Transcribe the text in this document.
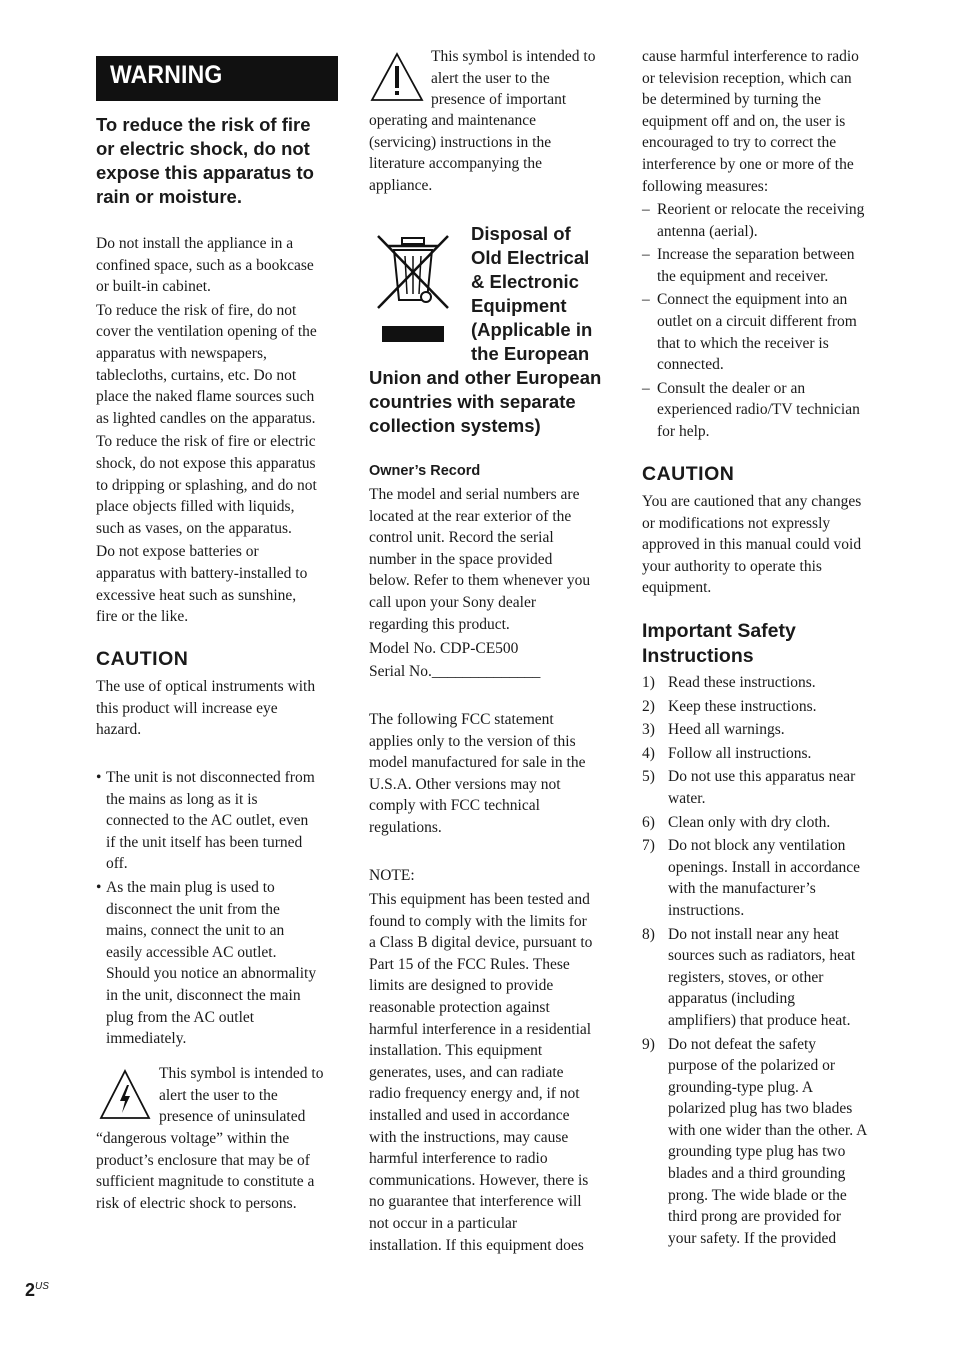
WARNING
To reduce the risk of fire
or electric shock, do not
expose this apparatus to
rain or moisture.

Do not install the appliance in a
confined space, such as a bookcase
or built-in cabinet.

To reduce the risk of fire, do not
cover the ventilation opening of the
apparatus with newspapers,
tablecloths, curtains, etc. Do not
place the naked flame sources such
as lighted candles on the apparatus.

To reduce the risk of fire or electric
shock, do not expose this apparatus
to dripping or splashing, and do not
place objects filled with liquids,
such as vases, on the apparatus.

Do not expose batteries or
apparatus with battery-installed to
excessive heat such as sunshine,
fire or the like.

CAUTION

The use of optical instruments with
this product will increase eye
hazard.

• The unit is not disconnected from
the mains as long as it is
connected to the AC outlet, even
if the unit itself has been turned
off.

• As the main plug is used to
disconnect the unit from the
mains, connect the unit to an
easily accessible AC outlet.
Should you notice an abnormality
in the unit, disconnect the main
plug from the AC outlet
immediately.

This symbol is intended to
alert the user to the
presence of uninsulated

“dangerous voltage” within the
product’s enclosure that may be of
sufficient magnitude to constitute a
risk of electric shock to persons.

This symbol is intended to
alert the user to the
presence of important

operating and maintenance
(servicing) instructions in the
literature accompanying the
appliance.

Disposal of
Old Electrical
& Electronic
Equipment
(Applicable in
the European
Union and other European
countries with separate
collection systems)
Owner’s Record

The model and serial numbers are
located at the rear exterior of the
control unit. Record the serial
number in the space provided
below. Refer to them whenever you
call upon your Sony dealer
regarding this product.

Model No. CDP-CE500

Serial No.______________

The following FCC statement
applies only to the version of this
model manufactured for sale in the
U.S.A. Other versions may not
comply with FCC technical
regulations.

NOTE:

This equipment has been tested and
found to comply with the limits for
a Class B digital device, pursuant to
Part 15 of the FCC Rules. These
limits are designed to provide
reasonable protection against
harmful interference in a residential
installation. This equipment
generates, uses, and can radiate
radio frequency energy and, if not
installed and used in accordance
with the instructions, may cause
harmful interference to radio
communications. However, there is
no guarantee that interference will
not occur in a particular
installation. If this equipment does

cause harmful interference to radio
or television reception, which can
be determined by turning the
equipment off and on, the user is
encouraged to try to correct the
interference by one or more of the
following measures:

– Reorient or relocate the receiving
antenna (aerial).

– Increase the separation between
the equipment and receiver.

– Connect the equipment into an
outlet on a circuit different from
that to which the receiver is
connected.

– Consult the dealer or an
experienced radio/TV technician
for help.

CAUTION

You are cautioned that any changes
or modifications not expressly
approved in this manual could void
your authority to operate this
equipment.

Important Safety
Instructions

1) Read these instructions.

2) Keep these instructions.

3) Heed all warnings.

4) Follow all instructions.

5) Do not use this apparatus near
water.

6) Clean only with dry cloth.

7) Do not block any ventilation
openings. Install in accordance
with the manufacturer’s
instructions.

8) Do not install near any heat
sources such as radiators, heat
registers, stoves, or other
apparatus (including
amplifiers) that produce heat.

9) Do not defeat the safety
purpose of the polarized or
grounding-type plug. A
polarized plug has two blades
with one wider than the other. A
grounding type plug has two
blades and a third grounding
prong. The wide blade or the
third prong are provided for
your safety. If the provided

$2^{US}$
